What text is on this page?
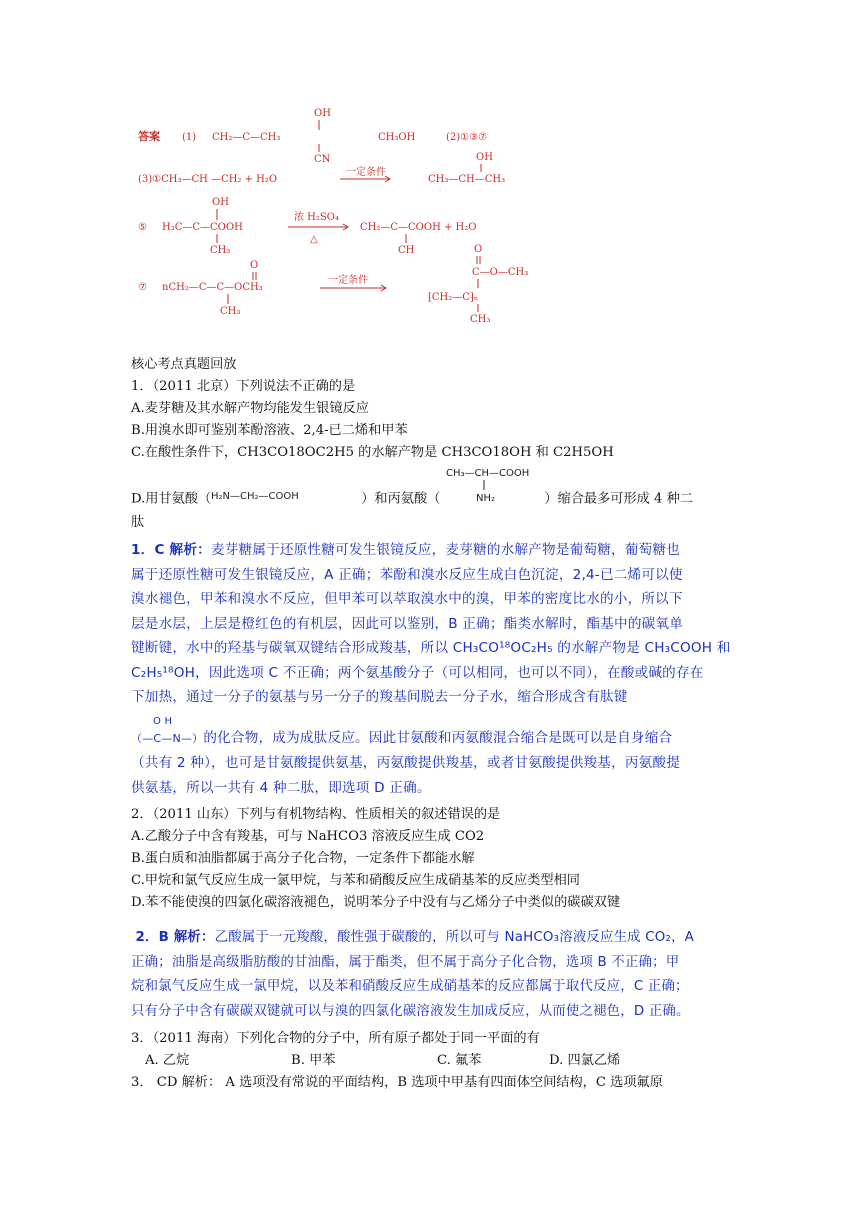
答案 (1) CH₂—C—CH₃
OH
CN
CH₃OH	(2)①③⑦
(3)①CH₃—CH —CH₂ + H₂O
一定条件
OH
CH₃—CH—CH₃
⑤
OH
H₃C—C—COOH
CH₃
浓 H₂SO₄
△
CH₂—C—COOH + H₂O
CH
⑦
O
nCH₂—C—C—OCH₃
CH₃
一定条件
O
C—O—CH₃
⁅CH₂—C⁆ₙ
CH₃
核心考点真题回放
1．（2011 北京）下列说法不正确的是
A.麦芽糖及其水解产物均能发生银镜反应
B.用溴水即可鉴别苯酚溶液、2,4-已二烯和甲苯
C.在酸性条件下，CH3CO18OC2H5 的水解产物是 CH3CO18OH 和 C2H5OH
D.用甘氨酸（ H₂N—CH₂—COOH	）和丙氨酸（
CH₃—CH—COOH
NH₂	）缩合最多可形成 4 种二
肽

1．C 解析：麦芽糖属于还原性糖可发生银镜反应，麦芽糖的水解产物是葡萄糖，葡萄糖也

属于还原性糖可发生银镜反应，A 正确；苯酚和溴水反应生成白色沉淀，2,4-已二烯可以使

溴水褪色，甲苯和溴水不反应，但甲苯可以萃取溴水中的溴，甲苯的密度比水的小，所以下

层是水层，上层是橙红色的有机层，因此可以鉴别，B 正确；酯类水解时，酯基中的碳氧单

键断键，水中的羟基与碳氧双键结合形成羧基，所以 CH₃CO¹⁸OC₂H₅ 的水解产物是 CH₃COOH 和

C₂H₅¹⁸OH，因此选项 C 不正确；两个氨基酸分子（可以相同，也可以不同），在酸或碱的存在

下加热，通过一分子的氨基与另一分子的羧基间脱去一分子水，缩合形成含有肽键

O H
（—C—N—）的化合物，成为成肽反应。因此甘氨酸和丙氨酸混合缩合是既可以是自身缩合

（共有 2 种），也可是甘氨酸提供氨基，丙氨酸提供羧基，或者甘氨酸提供羧基，丙氨酸提

供氨基，所以一共有 4 种二肽，即选项 D 正确。

2．（2011 山东）下列与有机物结构、性质相关的叙述错误的是
A.乙酸分子中含有羧基，可与 NaHCO3 溶液反应生成 CO2
B.蛋白质和油脂都属于高分子化合物，一定条件下都能水解
C.甲烷和氯气反应生成一氯甲烷，与苯和硝酸反应生成硝基苯的反应类型相同
D.苯不能使溴的四氯化碳溶液褪色，说明苯分子中没有与乙烯分子中类似的碳碳双键

2．B 解析：乙酸属于一元羧酸，酸性强于碳酸的，所以可与 NaHCO₃溶液反应生成 CO₂，A

正确；油脂是高级脂肪酸的甘油酯，属于酯类，但不属于高分子化合物，选项 B 不正确；甲

烷和氯气反应生成一氯甲烷，以及苯和硝酸反应生成硝基苯的反应都属于取代反应，C 正确；

只有分子中含有碳碳双键就可以与溴的四氯化碳溶液发生加成反应，从而使之褪色，D 正确。

3．（2011 海南）下列化合物的分子中，所有原子都处于同一平面的有
A. 乙烷	B. 甲苯	C. 氟苯	D. 四氯乙烯
3． CD 解析： A 选项没有常说的平面结构，B 选项中甲基有四面体空间结构，C 选项氟原
